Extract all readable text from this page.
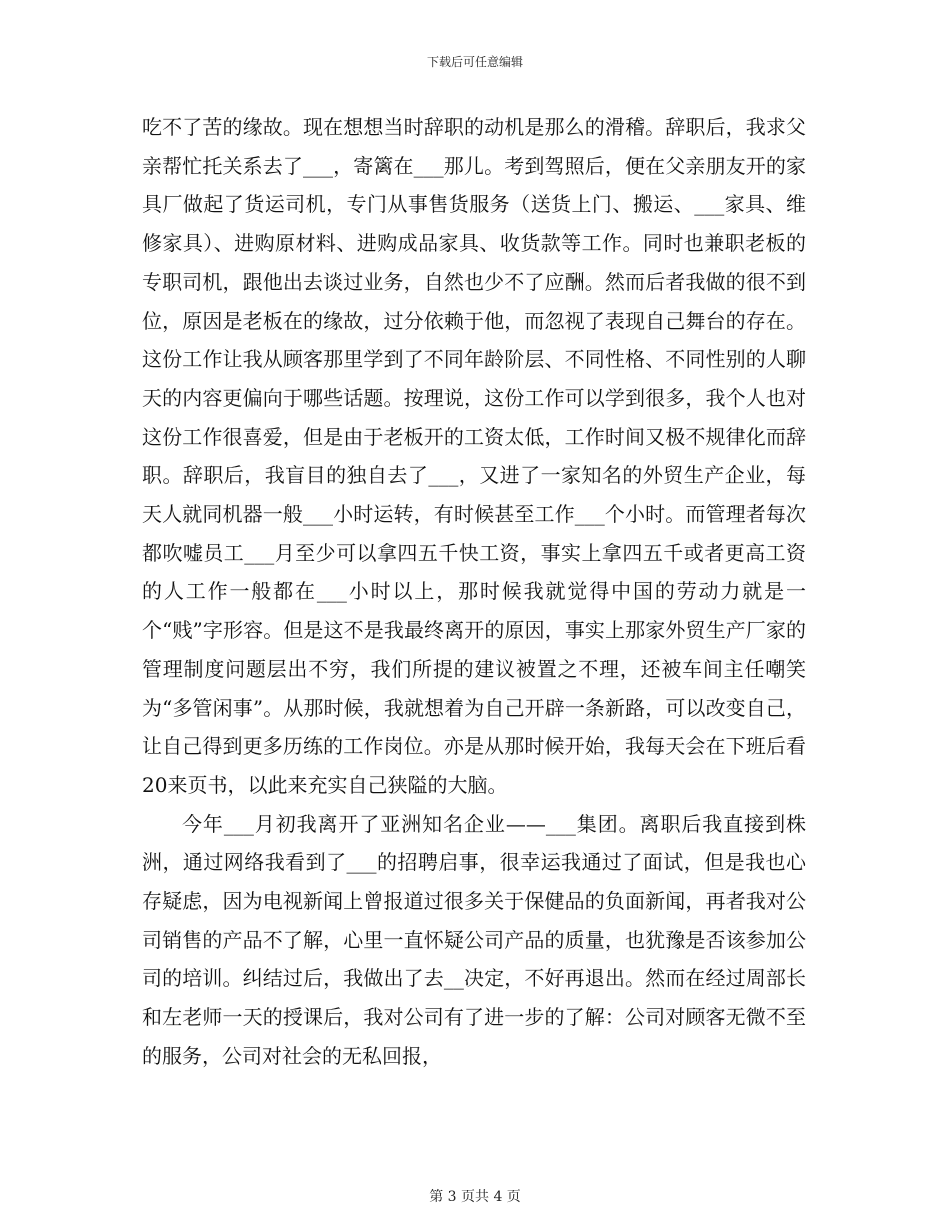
下载后可任意编辑

吃不了苦的缘故。现在想想当时辞职的动机是那么的滑稽。辞职后，我求父亲帮忙托关系去了___，寄篱在___那儿。考到驾照后，便在父亲朋友开的家具厂做起了货运司机，专门从事售货服务（送货上门、搬运、___家具、维修家具）、进购原材料、进购成品家具、收货款等工作。同时也兼职老板的专职司机，跟他出去谈过业务，自然也少不了应酬。然而后者我做的很不到位，原因是老板在的缘故，过分依赖于他，而忽视了表现自己舞台的存在。这份工作让我从顾客那里学到了不同年龄阶层、不同性格、不同性别的人聊天的内容更偏向于哪些话题。按理说，这份工作可以学到很多，我个人也对这份工作很喜爱，但是由于老板开的工资太低，工作时间又极不规律化而辞职。辞职后，我盲目的独自去了___，又进了一家知名的外贸生产企业，每天人就同机器一般___小时运转，有时候甚至工作___个小时。而管理者每次都吹嘘员工___月至少可以拿四五千快工资，事实上拿四五千或者更高工资的人工作一般都在___小时以上，那时候我就觉得中国的劳动力就是一个“贱”字形容。但是这不是我最终离开的原因，事实上那家外贸生产厂家的管理制度问题层出不穷，我们所提的建议被置之不理，还被车间主任嘲笑为“多管闲事”。从那时候，我就想着为自己开辟一条新路，可以改变自己，让自己得到更多历练的工作岗位。亦是从那时候开始，我每天会在下班后看20来页书，以此来充实自己狭隘的大脑。

今年___月初我离开了亚洲知名企业——___集团。离职后我直接到株洲，通过网络我看到了___的招聘启事，很幸运我通过了面试，但是我也心存疑虑，因为电视新闻上曾报道过很多关于保健品的负面新闻，再者我对公司销售的产品不了解，心里一直怀疑公司产品的质量，也犹豫是否该参加公司的培训。纠结过后，我做出了去__决定，不好再退出。然而在经过周部长和左老师一天的授课后，我对公司有了进一步的了解：公司对顾客无微不至的服务，公司对社会的无私回报，

第 3 页共 4 页
